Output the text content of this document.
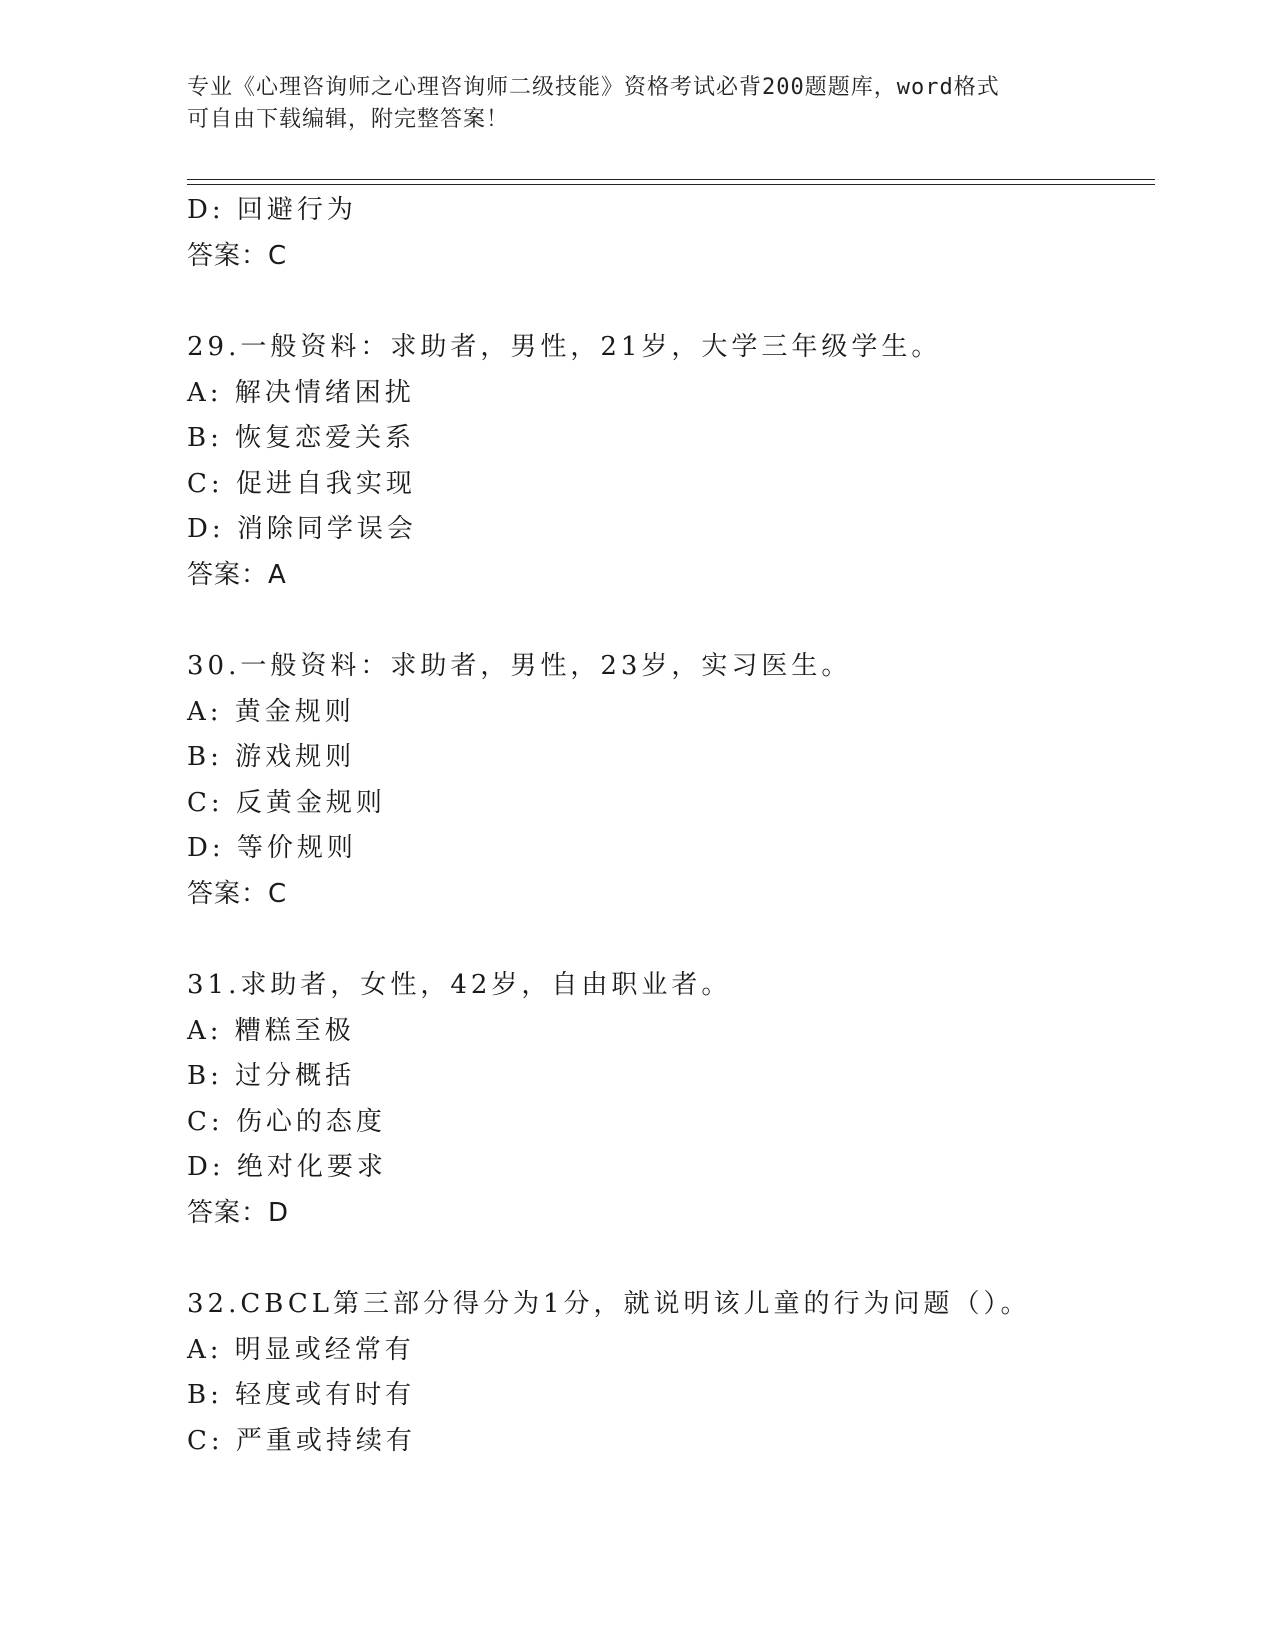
专业《心理咨询师之心理咨询师二级技能》资格考试必背200题题库，word格式

可自由下载编辑，附完整答案！

D: 回避行为
答案：C
29.一般资料：求助者，男性，21岁，大学三年级学生。
A: 解决情绪困扰
B: 恢复恋爱关系
C: 促进自我实现
D: 消除同学误会
答案：A
30.一般资料：求助者，男性，23岁，实习医生。
A: 黄金规则
B: 游戏规则
C: 反黄金规则
D: 等价规则
答案：C
31.求助者，女性，42岁，自由职业者。
A: 糟糕至极
B: 过分概括
C: 伤心的态度
D: 绝对化要求
答案：D
32.CBCL第三部分得分为1分，就说明该儿童的行为问题（）。
A: 明显或经常有
B: 轻度或有时有
C: 严重或持续有
